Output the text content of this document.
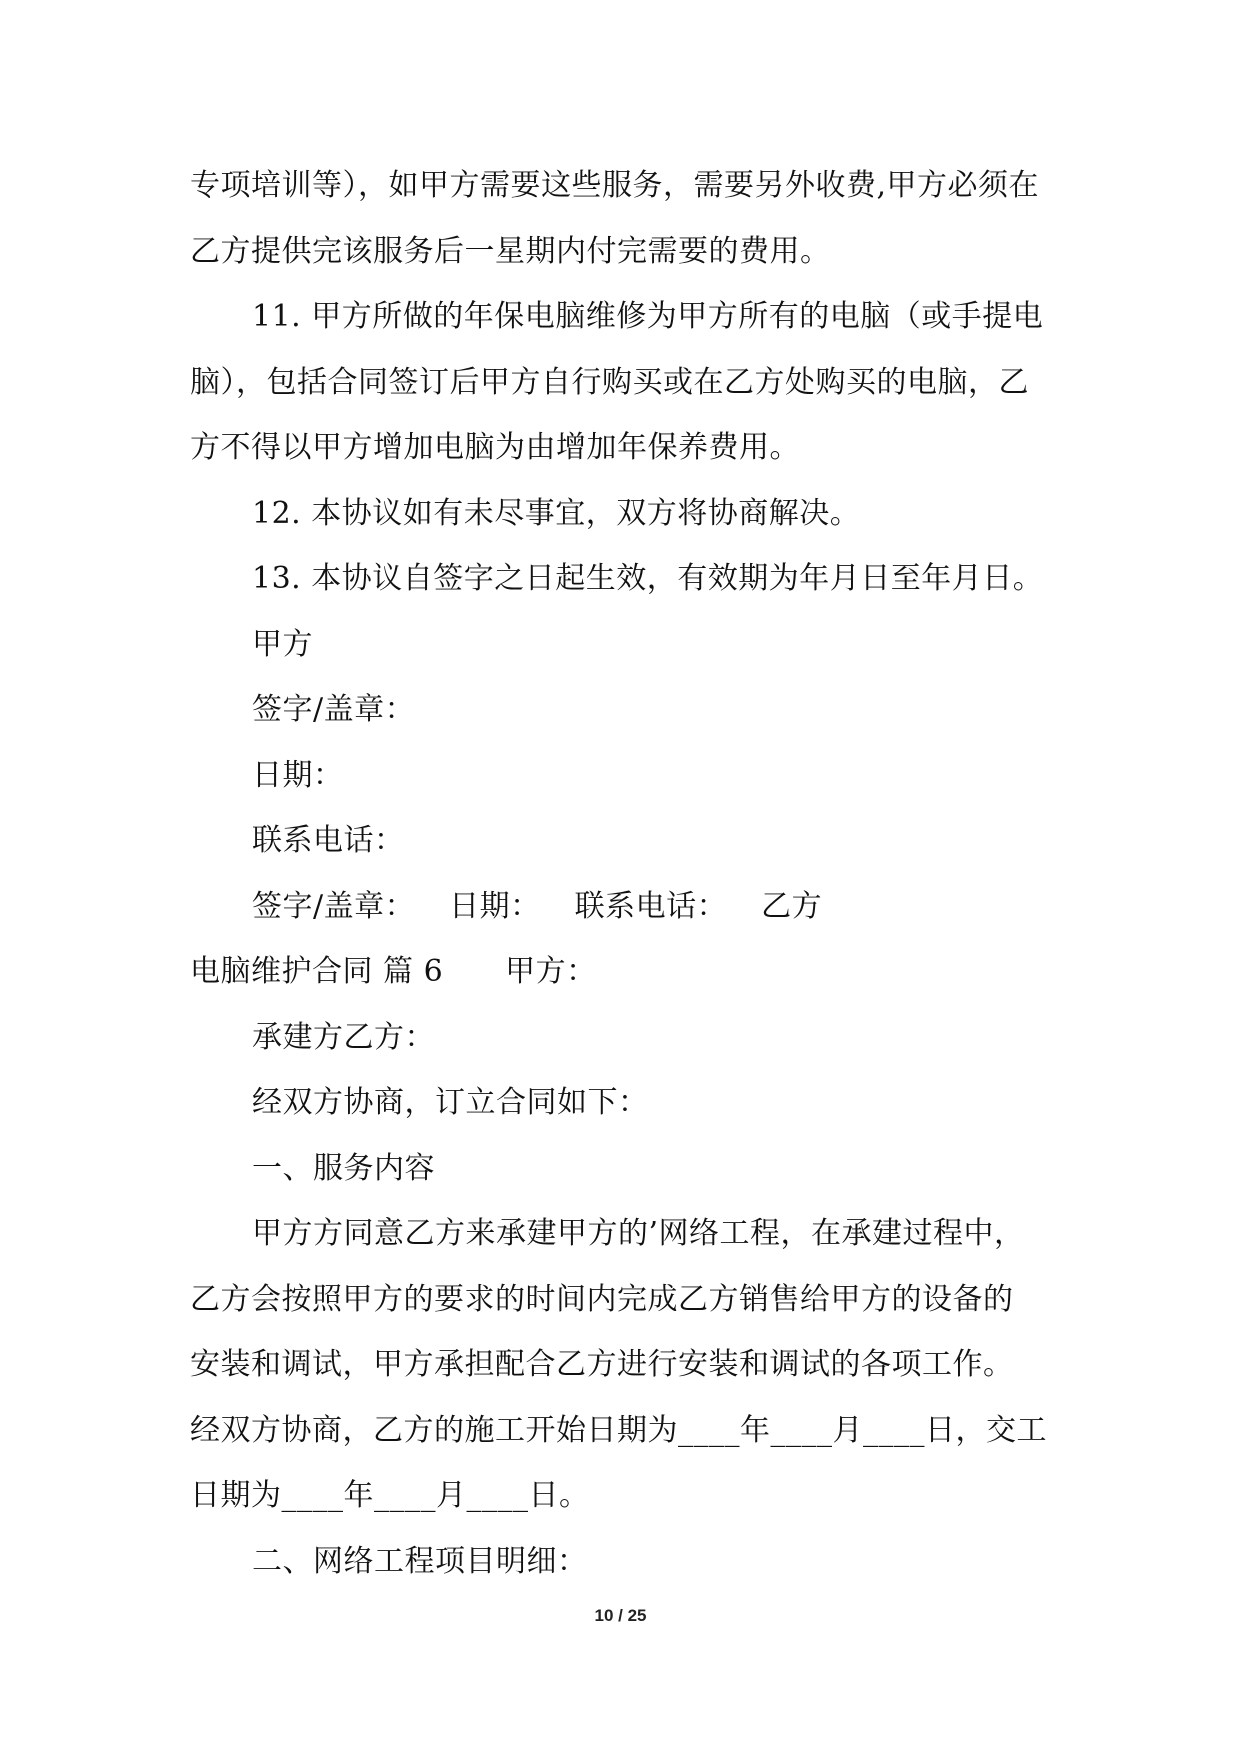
专项培训等），如甲方需要这些服务，需要另外收费,甲方必须在
乙方提供完该服务后一星期内付完需要的费用。
11. 甲方所做的年保电脑维修为甲方所有的电脑（或手提电
脑），包括合同签订后甲方自行购买或在乙方处购买的电脑，乙
方不得以甲方增加电脑为由增加年保养费用。
12. 本协议如有未尽事宜，双方将协商解决。
13. 本协议自签字之日起生效，有效期为年月日至年月日。
甲方
签字/盖章：
日期：
联系电话：
签字/盖章： 日期： 联系电话： 乙方
电脑维护合同 篇 6 甲方：
承建方乙方：
经双方协商，订立合同如下：
一、服务内容
甲方方同意乙方来承建甲方的’网络工程，在承建过程中，
乙方会按照甲方的要求的时间内完成乙方销售给甲方的设备的
安装和调试，甲方承担配合乙方进行安装和调试的各项工作。
经双方协商，乙方的施工开始日期为____年____月____日，交工
日期为____年____月____日。
二、网络工程项目明细：
10 / 25
